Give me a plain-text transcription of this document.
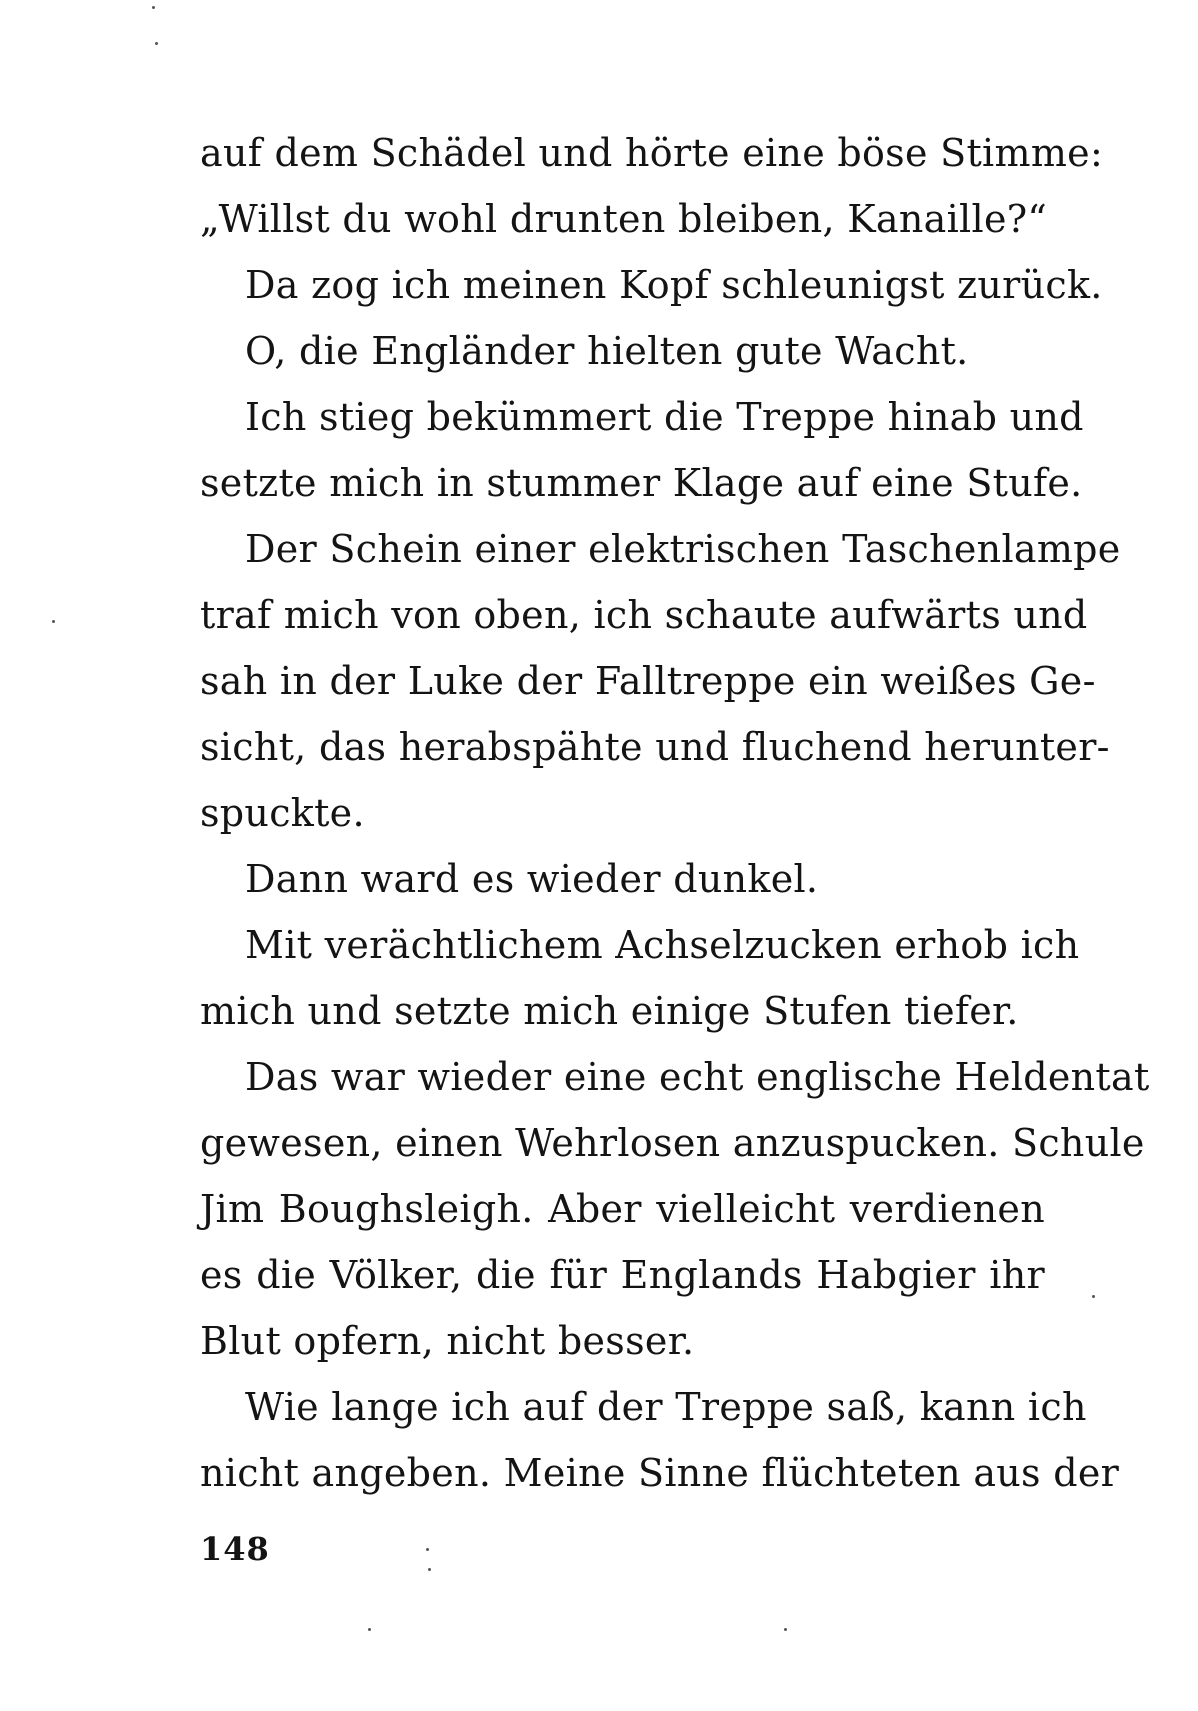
auf dem Schädel und hörte eine böse Stimme:
„Willst du wohl drunten bleiben, Kanaille?“
Da zog ich meinen Kopf schleunigst zurück.
O, die Engländer hielten gute Wacht.
Ich stieg bekümmert die Treppe hinab und
setzte mich in stummer Klage auf eine Stufe.
Der Schein einer elektrischen Taschenlampe
traf mich von oben, ich schaute aufwärts und
sah in der Luke der Falltreppe ein weißes Ge-
sicht, das herabspähte und fluchend herunter-
spuckte.
Dann ward es wieder dunkel.
Mit verächtlichem Achselzucken erhob ich
mich und setzte mich einige Stufen tiefer.
Das war wieder eine echt englische Heldentat
gewesen, einen Wehrlosen anzuspucken. Schule
Jim Boughsleigh. Aber vielleicht verdienen
es die Völker, die für Englands Habgier ihr
Blut opfern, nicht besser.
Wie lange ich auf der Treppe saß, kann ich
nicht angeben. Meine Sinne flüchteten aus der
148
